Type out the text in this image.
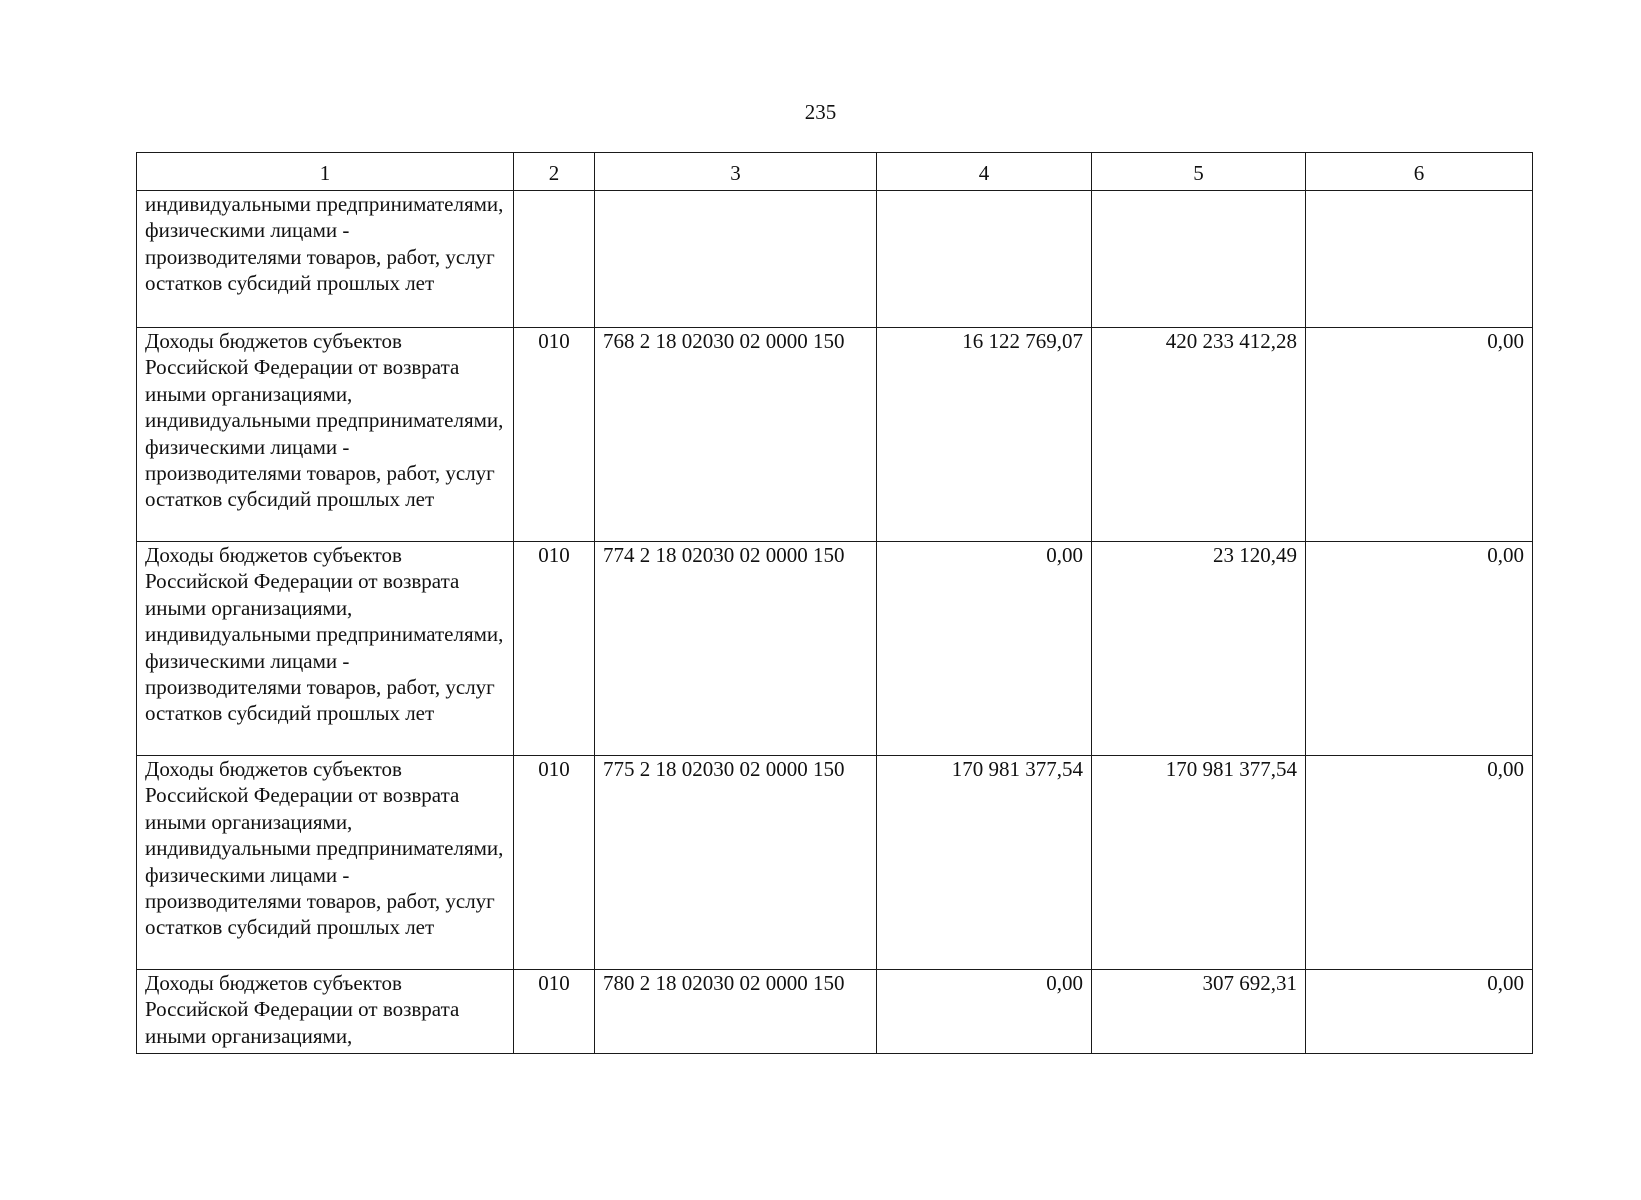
235
1	2	3	4	5	6
индивидуальными предпринимателями, физическими лицами - производителями товаров, работ, услуг остатков субсидий прошлых лет					
Доходы бюджетов субъектов Российской Федерации от возврата иными организациями, индивидуальными предпринимателями, физическими лицами - производителями товаров, работ, услуг остатков субсидий прошлых лет	010	768 2 18 02030 02 0000 150	16 122 769,07	420 233 412,28	0,00
Доходы бюджетов субъектов Российской Федерации от возврата иными организациями, индивидуальными предпринимателями, физическими лицами - производителями товаров, работ, услуг остатков субсидий прошлых лет	010	774 2 18 02030 02 0000 150	0,00	23 120,49	0,00
Доходы бюджетов субъектов Российской Федерации от возврата иными организациями, индивидуальными предпринимателями, физическими лицами - производителями товаров, работ, услуг остатков субсидий прошлых лет	010	775 2 18 02030 02 0000 150	170 981 377,54	170 981 377,54	0,00
Доходы бюджетов субъектов Российской Федерации от возврата иными организациями,	010	780 2 18 02030 02 0000 150	0,00	307 692,31	0,00
